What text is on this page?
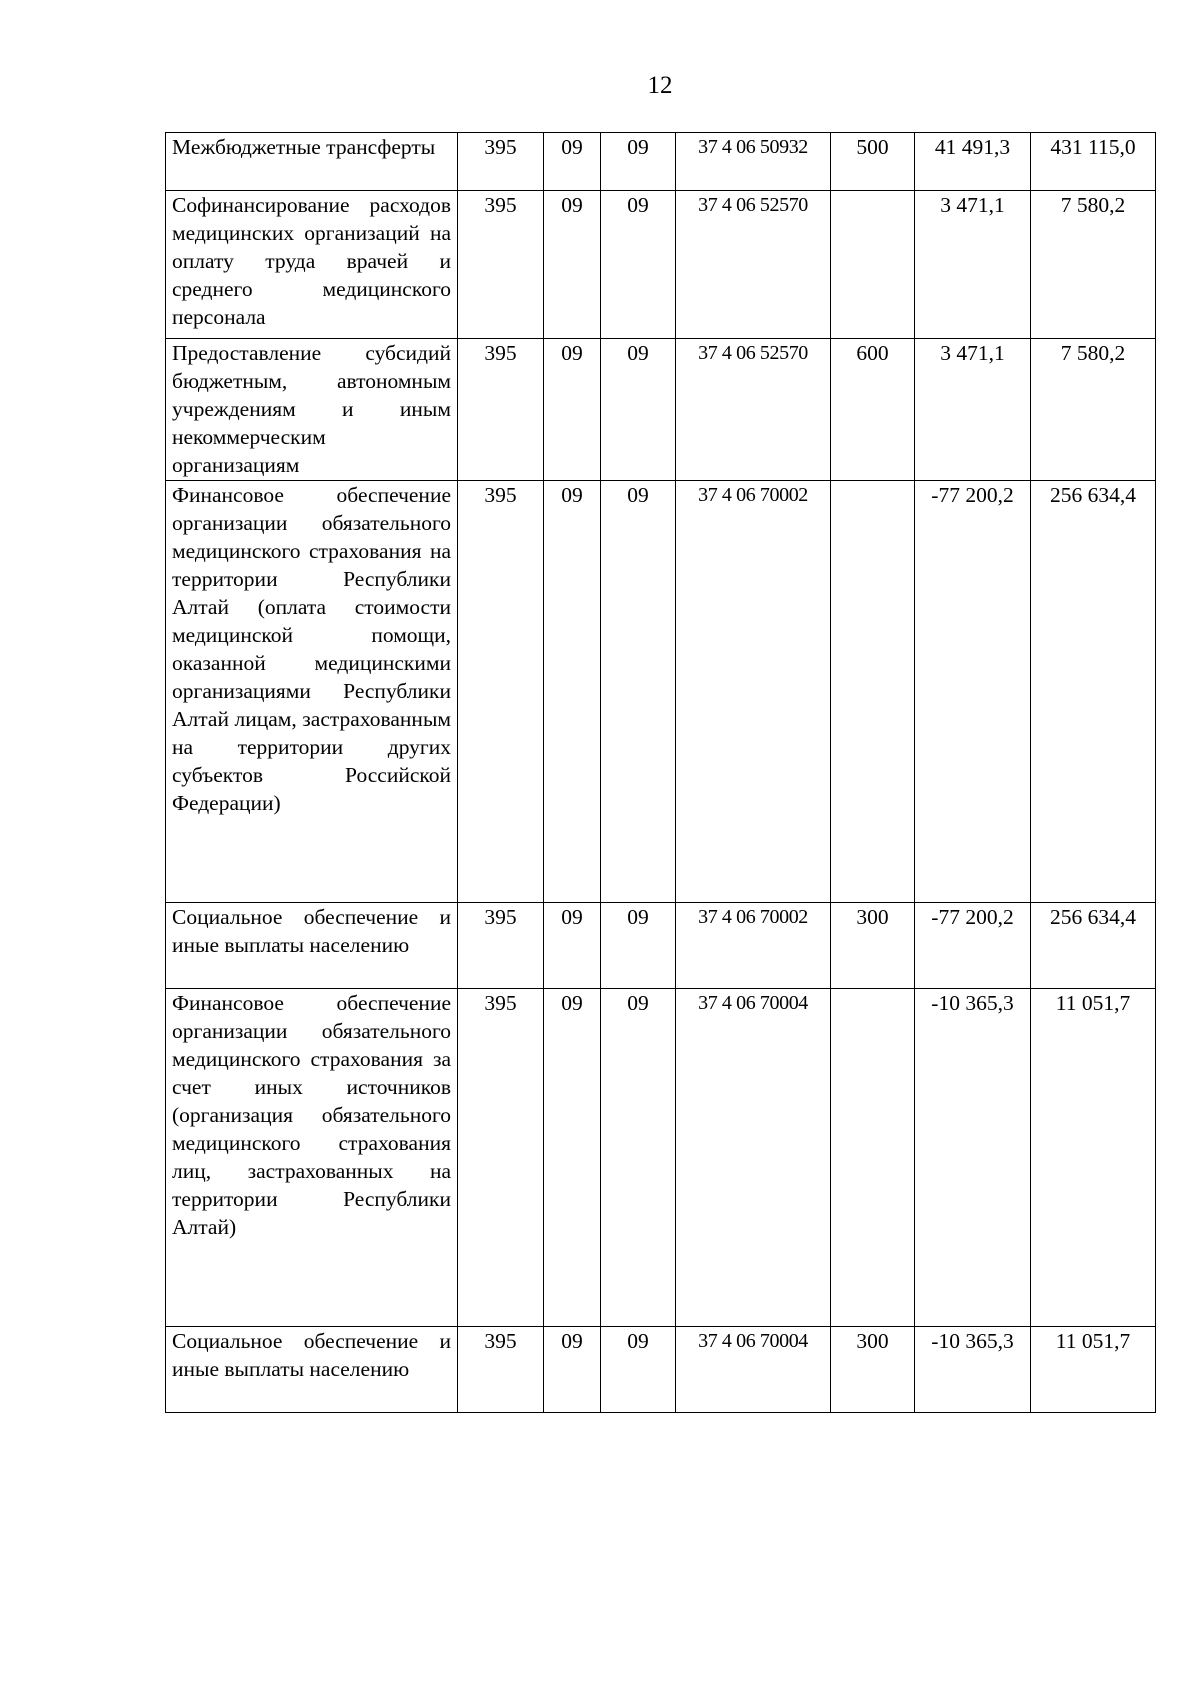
12
Межбюджетные трансферты	395	09	09	37 4 06 50932	500	41 491,3	431 115,0
Софинансирование расходов медицинских организаций на оплату труда врачей и среднего медицинского персонала	395	09	09	37 4 06 52570		3 471,1	7 580,2
Предоставление субсидий бюджетным, автономным учреждениям и иным некоммерческим организациям	395	09	09	37 4 06 52570	600	3 471,1	7 580,2
Финансовое обеспечение организации обязательного медицинского страхования на территории Республики Алтай (оплата стоимости медицинской помощи, оказанной медицинскими организациями Республики Алтай лицам, застрахованным на территории других субъектов Российской Федерации)	395	09	09	37 4 06 70002		-77 200,2	256 634,4
Социальное обеспечение и иные выплаты населению	395	09	09	37 4 06 70002	300	-77 200,2	256 634,4
Финансовое обеспечение организации обязательного медицинского страхования за счет иных источников (организация обязательного медицинского страхования лиц, застрахованных на территории Республики Алтай)	395	09	09	37 4 06 70004		-10 365,3	11 051,7
Социальное обеспечение и иные выплаты населению	395	09	09	37 4 06 70004	300	-10 365,3	11 051,7
